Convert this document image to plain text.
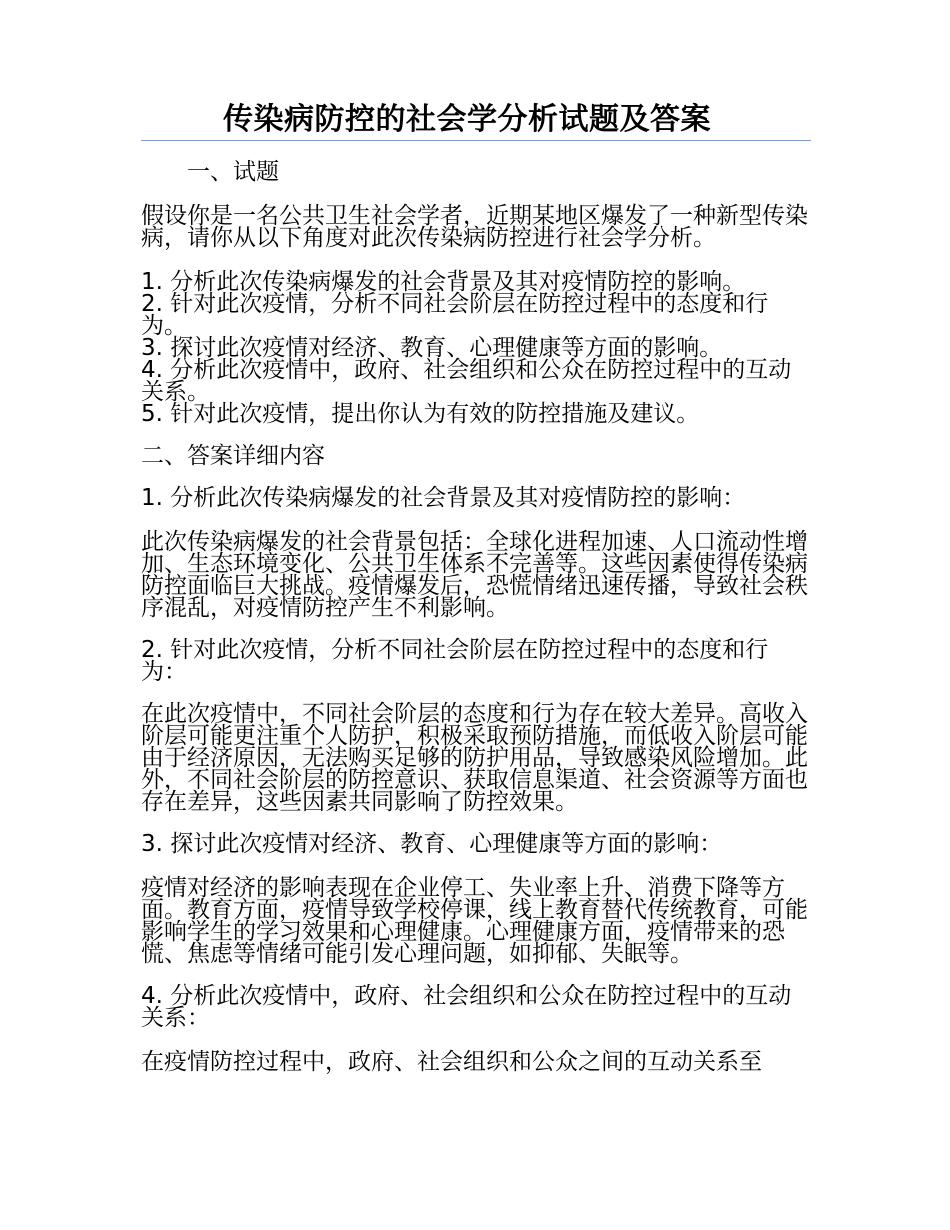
传染病防控的社会学分析试题及答案
一、试题
假设你是一名公共卫生社会学者，近期某地区爆发了一种新型传染病，请你从以下角度对此次传染病防控进行社会学分析。
1. 分析此次传染病爆发的社会背景及其对疫情防控的影响。
2. 针对此次疫情，分析不同社会阶层在防控过程中的态度和行为。
3. 探讨此次疫情对经济、教育、心理健康等方面的影响。
4. 分析此次疫情中，政府、社会组织和公众在防控过程中的互动关系。
5. 针对此次疫情，提出你认为有效的防控措施及建议。
二、答案详细内容
1. 分析此次传染病爆发的社会背景及其对疫情防控的影响：
此次传染病爆发的社会背景包括：全球化进程加速、人口流动性增加、生态环境变化、公共卫生体系不完善等。这些因素使得传染病防控面临巨大挑战。疫情爆发后，恐慌情绪迅速传播，导致社会秩序混乱，对疫情防控产生不利影响。
2. 针对此次疫情，分析不同社会阶层在防控过程中的态度和行为：
在此次疫情中，不同社会阶层的态度和行为存在较大差异。高收入阶层可能更注重个人防护，积极采取预防措施，而低收入阶层可能由于经济原因，无法购买足够的防护用品，导致感染风险增加。此外，不同社会阶层的防控意识、获取信息渠道、社会资源等方面也存在差异，这些因素共同影响了防控效果。
3. 探讨此次疫情对经济、教育、心理健康等方面的影响：
疫情对经济的影响表现在企业停工、失业率上升、消费下降等方面。教育方面，疫情导致学校停课，线上教育替代传统教育，可能影响学生的学习效果和心理健康。心理健康方面，疫情带来的恐慌、焦虑等情绪可能引发心理问题，如抑郁、失眠等。
4. 分析此次疫情中，政府、社会组织和公众在防控过程中的互动关系：
在疫情防控过程中，政府、社会组织和公众之间的互动关系至
